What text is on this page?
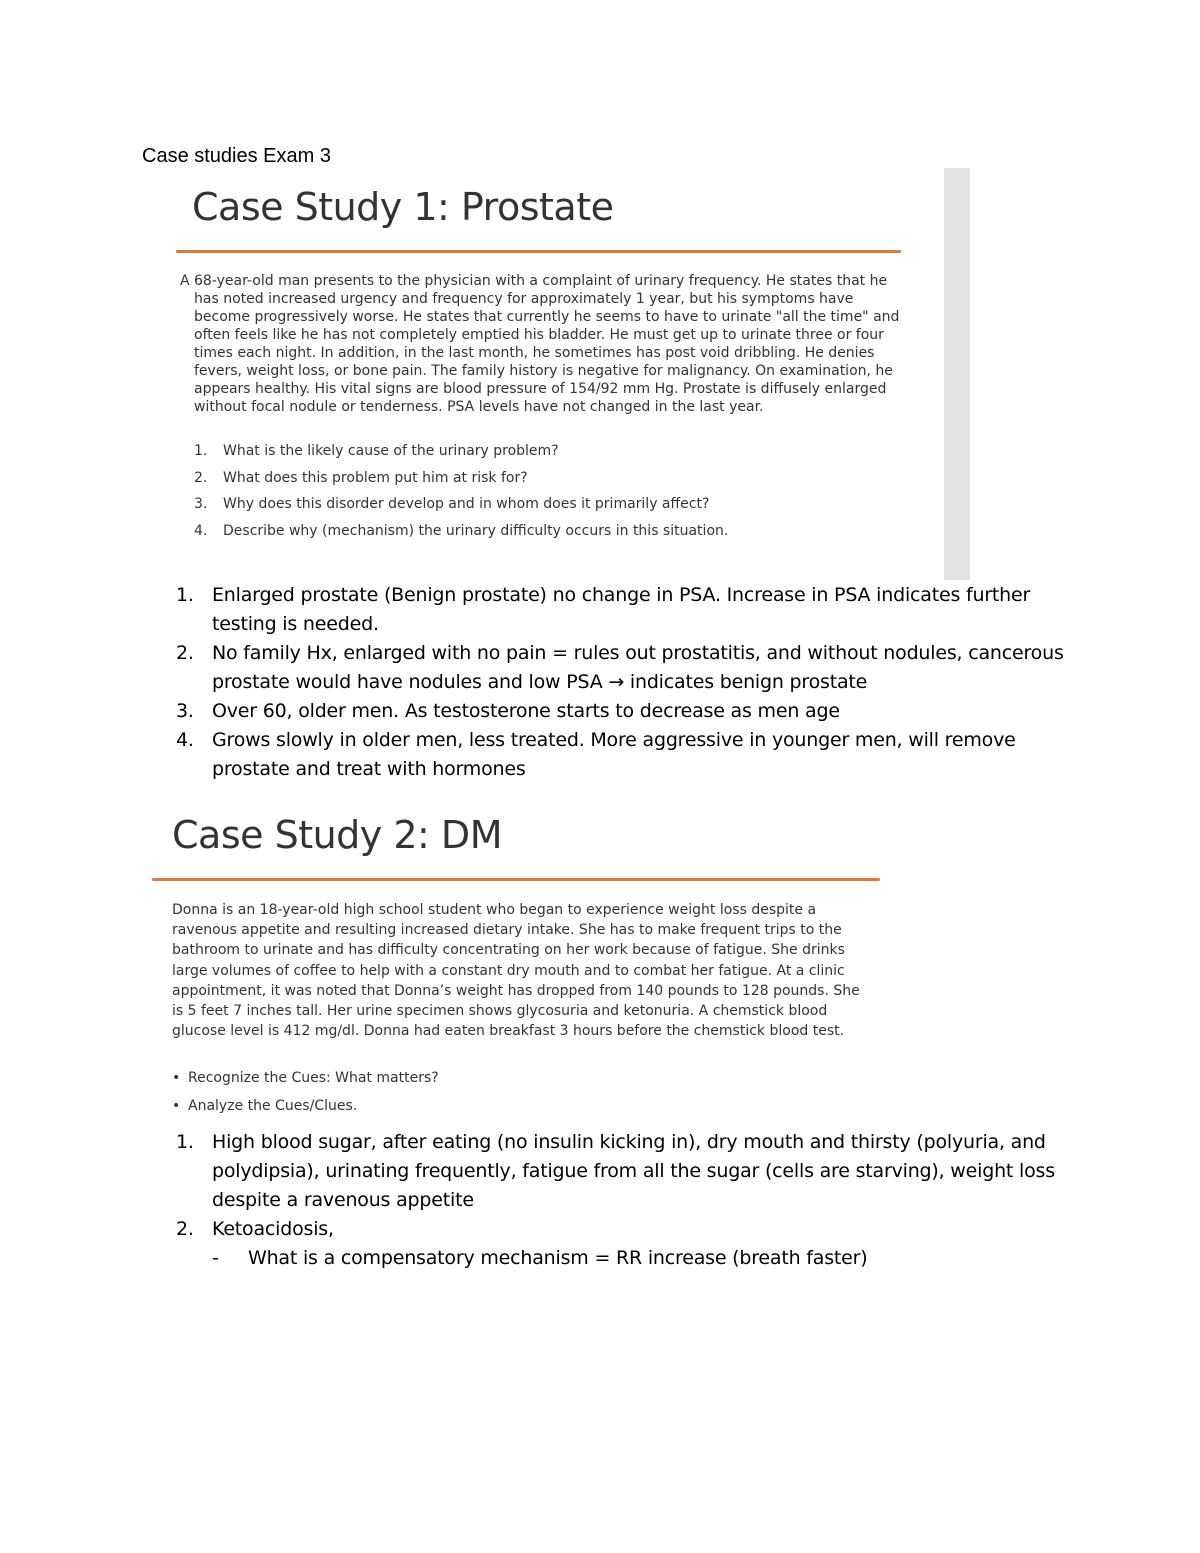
Case studies Exam 3
Case Study 1: Prostate

A 68-year-old man presents to the physician with a complaint of urinary frequency. He states that he has noted increased urgency and frequency for approximately 1 year, but his symptoms have become progressively worse. He states that currently he seems to have to urinate "all the time" and often feels like he has not completely emptied his bladder. He must get up to urinate three or four times each night. In addition, in the last month, he sometimes has post void dribbling. He denies fevers, weight loss, or bone pain. The family history is negative for malignancy. On examination, he appears healthy. His vital signs are blood pressure of 154/92 mm Hg. Prostate is diffusely enlarged without focal nodule or tenderness. PSA levels have not changed in the last year.

1.	What is the likely cause of the urinary problem?
2.	What does this problem put him at risk for?
3.	Why does this disorder develop and in whom does it primarily affect?
4.	Describe why (mechanism) the urinary difficulty occurs in this situation.
1. Enlarged prostate (Benign prostate) no change in PSA. Increase in PSA indicates further testing is needed.
2. No family Hx, enlarged with no pain = rules out prostatitis, and without nodules, cancerous prostate would have nodules and low PSA → indicates benign prostate
3. Over 60, older men. As testosterone starts to decrease as men age
4. Grows slowly in older men, less treated. More aggressive in younger men, will remove prostate and treat with hormones
Case Study 2: DM

Donna is an 18-year-old high school student who began to experience weight loss despite a ravenous appetite and resulting increased dietary intake. She has to make frequent trips to the bathroom to urinate and has difficulty concentrating on her work because of fatigue. She drinks large volumes of coffee to help with a constant dry mouth and to combat her fatigue. At a clinic appointment, it was noted that Donna’s weight has dropped from 140 pounds to 128 pounds. She is 5 feet 7 inches tall. Her urine specimen shows glycosuria and ketonuria. A chemstick blood glucose level is 412 mg/dl. Donna had eaten breakfast 3 hours before the chemstick blood test.

• Recognize the Cues: What matters?
• Analyze the Cues/Clues.
1. High blood sugar, after eating (no insulin kicking in), dry mouth and thirsty (polyuria, and polydipsia), urinating frequently, fatigue from all the sugar (cells are starving), weight loss despite a ravenous appetite
2. Ketoacidosis,
-	What is a compensatory mechanism = RR increase (breath faster)
